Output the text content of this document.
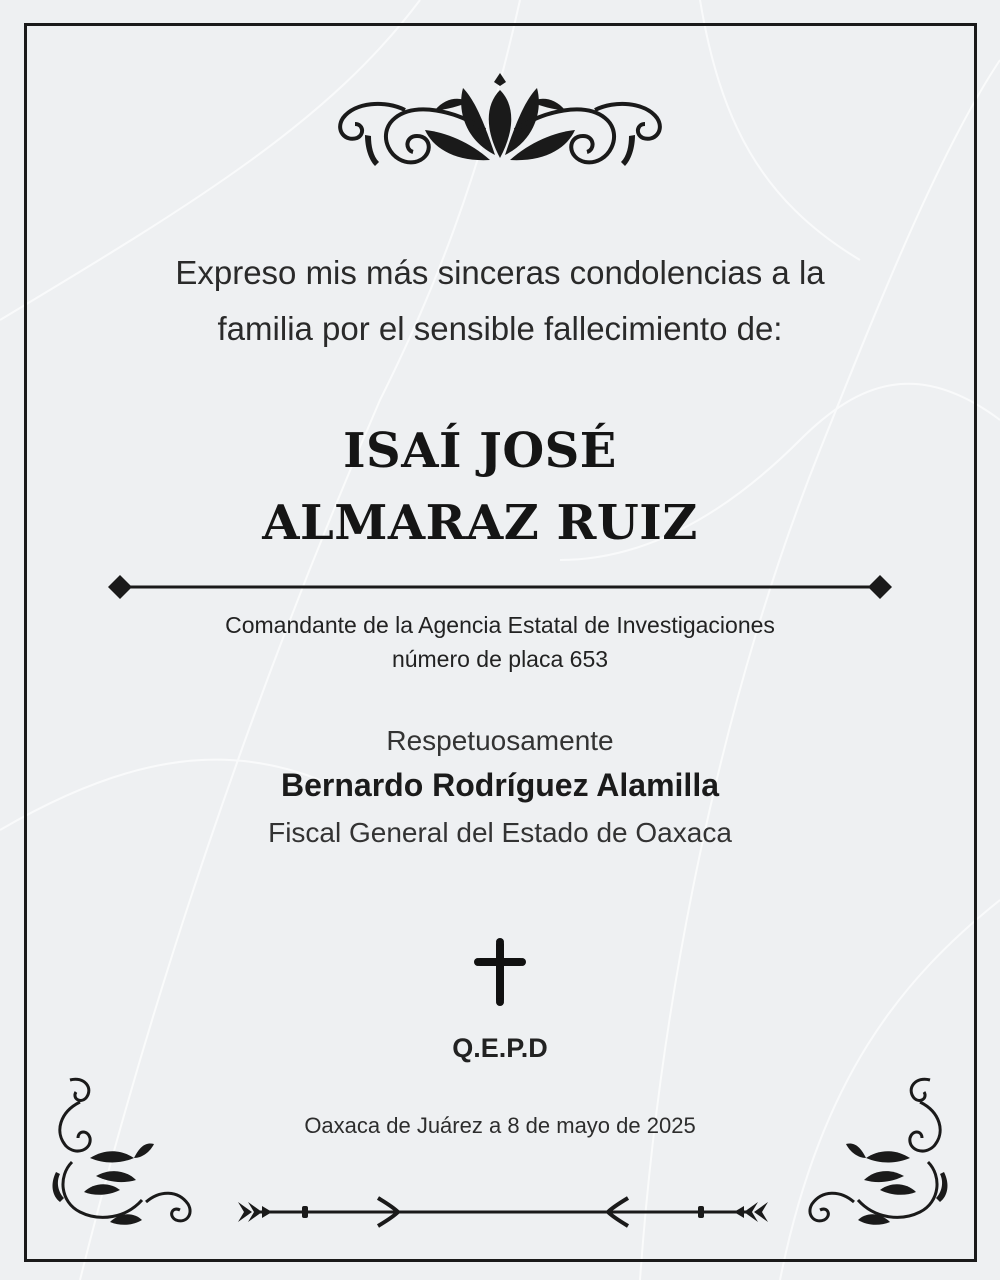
Expreso mis más sinceras condolencias a la
familia por el sensible fallecimiento de:
ISAÍ JOSÉ
ALMARAZ RUIZ
Comandante de la Agencia Estatal de Investigaciones
número de placa 653
Respetuosamente
Bernardo Rodríguez Alamilla
Fiscal General del Estado de Oaxaca
Q.E.P.D
Oaxaca de Juárez a 8 de mayo de 2025
